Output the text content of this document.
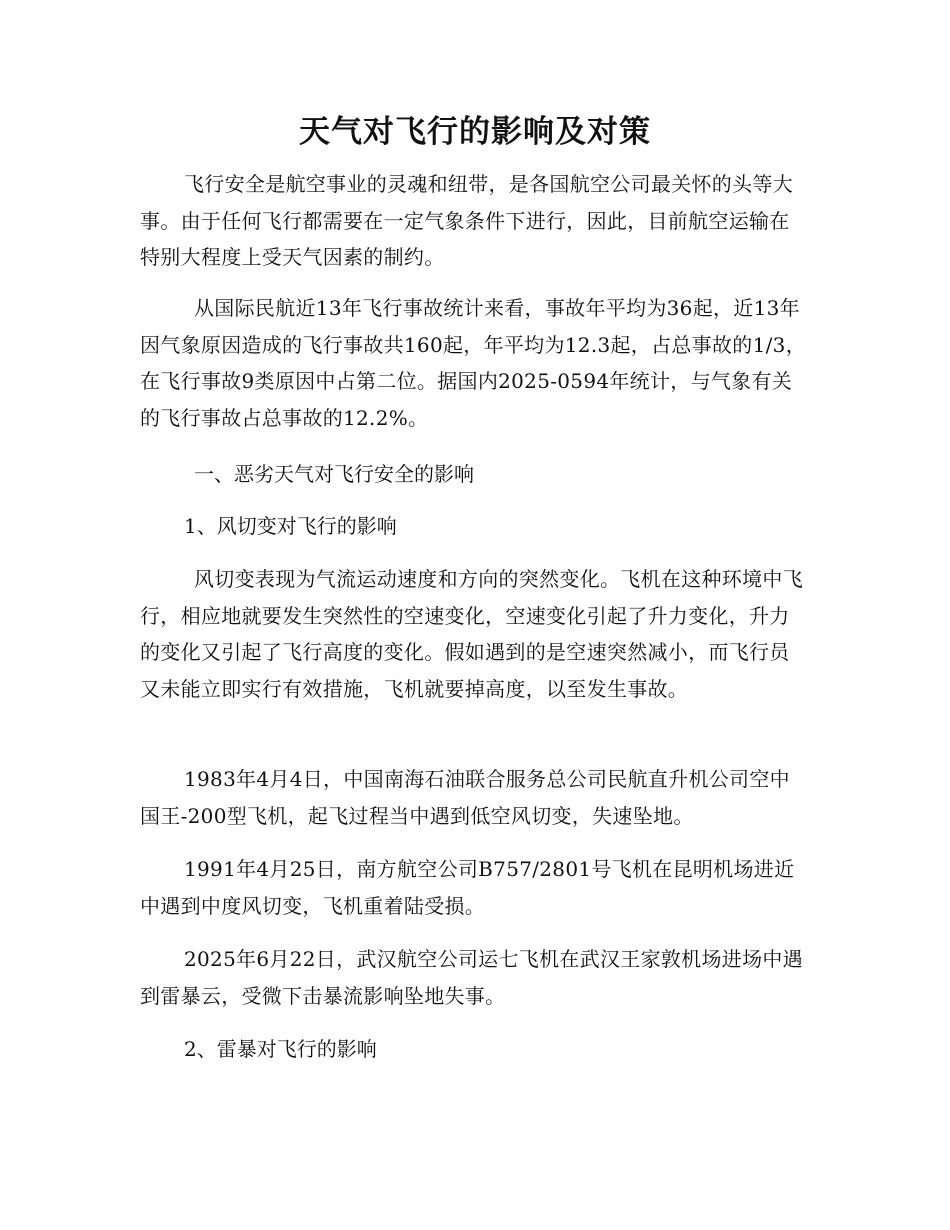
天气对飞行的影响及对策

飞行安全是航空事业的灵魂和纽带，是各国航空公司最关怀的头等大事。由于任何飞行都需要在一定气象条件下进行，因此，目前航空运输在特别大程度上受天气因素的制约。

从国际民航近13年飞行事故统计来看，事故年平均为36起，近13年因气象原因造成的飞行事故共160起，年平均为12.3起，占总事故的1/3，在飞行事故9类原因中占第二位。据国内2025-0594年统计，与气象有关的飞行事故占总事故的12.2%。

一、恶劣天气对飞行安全的影响

1、风切变对飞行的影响

风切变表现为气流运动速度和方向的突然变化。飞机在这种环境中飞行，相应地就要发生突然性的空速变化，空速变化引起了升力变化，升力的变化又引起了飞行高度的变化。假如遇到的是空速突然减小，而飞行员又未能立即实行有效措施，飞机就要掉高度，以至发生事故。

1983年4月4日，中国南海石油联合服务总公司民航直升机公司空中国王-200型飞机，起飞过程当中遇到低空风切变，失速坠地。

1991年4月25日，南方航空公司B757/2801号飞机在昆明机场进近中遇到中度风切变，飞机重着陆受损。

2025年6月22日，武汉航空公司运七飞机在武汉王家敦机场进场中遇到雷暴云，受微下击暴流影响坠地失事。

2、雷暴对飞行的影响
